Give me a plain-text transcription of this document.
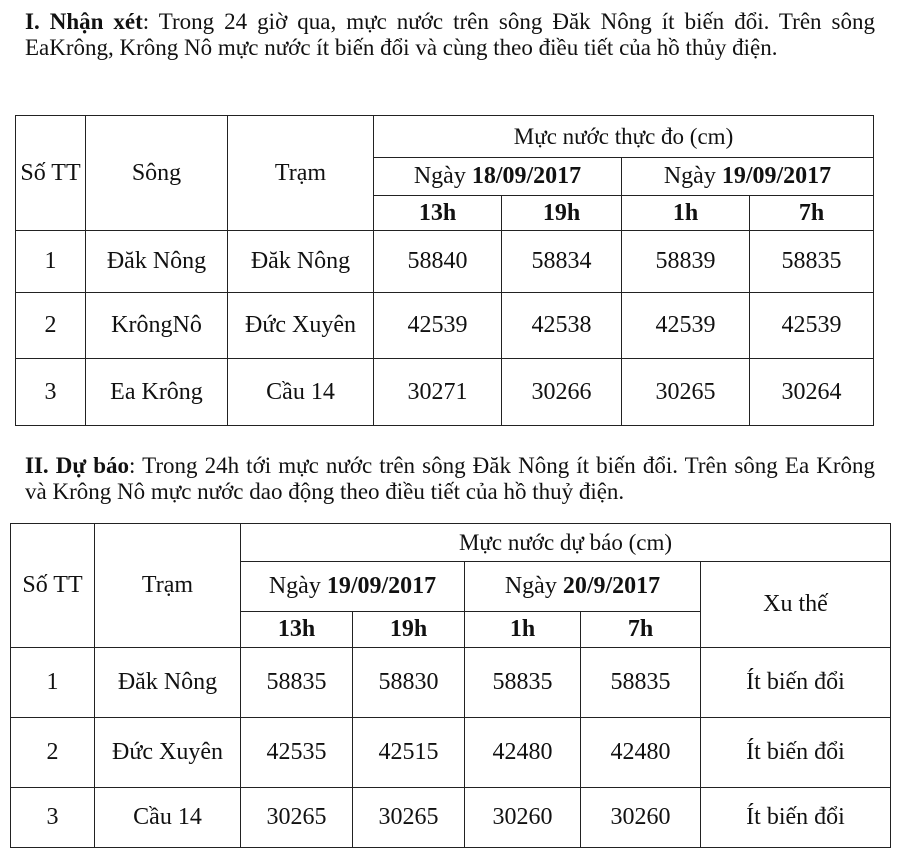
I. Nhận xét: Trong 24 giờ qua, mực nước trên sông Đăk Nông ít biến đổi. Trên sông EaKrông, Krông Nô mực nước ít biến đổi và cùng theo điều tiết của hồ thủy điện.

Số TT	Sông	Trạm	Mực nước thực đo (cm)			
			Ngày 18/09/2017		Ngày 19/09/2017	
			13h	19h	1h	7h
1	Đăk Nông	Đăk Nông	58840	58834	58839	58835
2	KrôngNô	Đức Xuyên	42539	42538	42539	42539
3	Ea Krông	Cầu 14	30271	30266	30265	30264

II. Dự báo: Trong 24h tới mực nước trên sông Đăk Nông ít biến đổi. Trên sông Ea Krông và Krông Nô mực nước dao động theo điều tiết của hồ thuỷ điện.

Số TT	Trạm	Mực nước dự báo (cm)				
		Ngày 19/09/2017		Ngày 20/9/2017		Xu thế
		13h	19h	1h	7h	
1	Đăk Nông	58835	58830	58835	58835	Ít biến đổi
2	Đức Xuyên	42535	42515	42480	42480	Ít biến đổi
3	Cầu 14	30265	30265	30260	30260	Ít biến đổi
